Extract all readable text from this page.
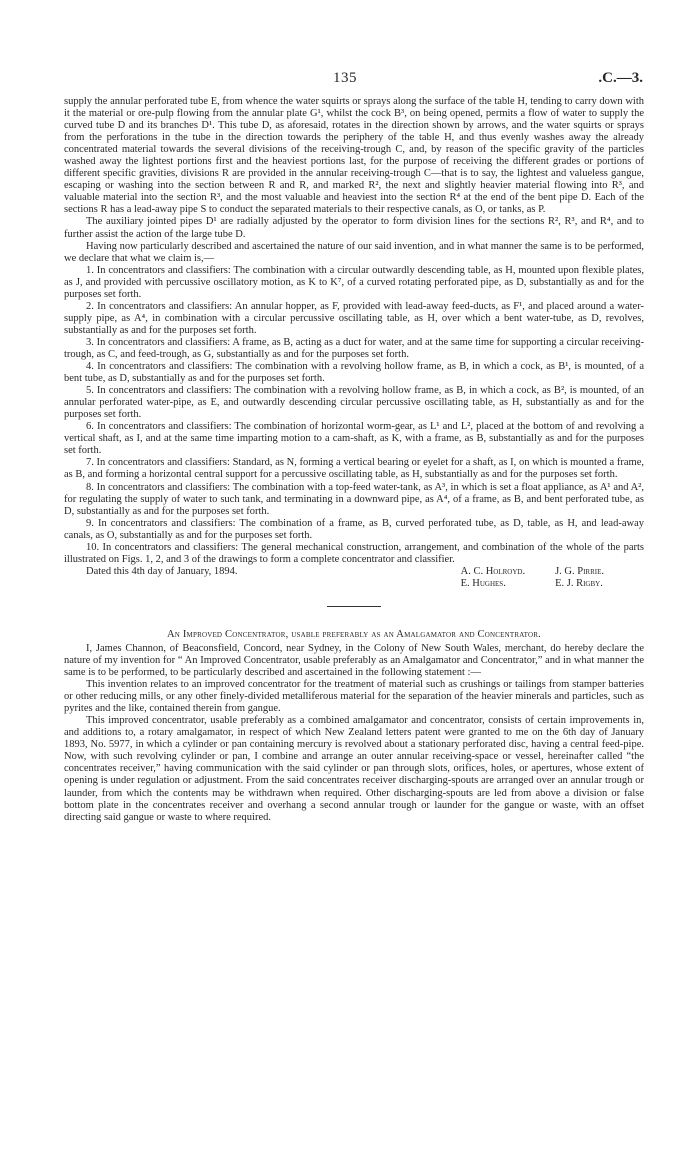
135	.C.—3.

supply the annular perforated tube E, from whence the water squirts or sprays along the surface of the table H, tending to carry down with it the material or ore-pulp flowing from the annular plate G¹, whilst the cock B³, on being opened, permits a flow of water to supply the curved tube D and its branches D¹. This tube D, as aforesaid, rotates in the direction shown by arrows, and the water squirts or sprays from the perforations in the tube in the direction towards the periphery of the table H, and thus evenly washes away the already concentrated material towards the several divisions of the receiving-trough C, and, by reason of the specific gravity of the particles washed away the lightest portions first and the heaviest portions last, for the purpose of receiving the different grades or portions of different specific gravities, divisions R are provided in the annular receiving-trough C—that is to say, the lightest and valueless gangue, escaping or washing into the section between R and R, and marked R², the next and slightly heavier material flowing into R³, and valuable material into the section R³, and the most valuable and heaviest into the section R⁴ at the end of the bent pipe D. Each of the sections R has a lead-away pipe S to conduct the separated materials to their respective canals, as O, or tanks, as P.

The auxiliary jointed pipes D¹ are radially adjusted by the operator to form division lines for the sections R², R³, and R⁴, and to further assist the action of the large tube D.

Having now particularly described and ascertained the nature of our said invention, and in what manner the same is to be performed, we declare that what we claim is,—

1. In concentrators and classifiers: The combination with a circular outwardly descending table, as H, mounted upon flexible plates, as J, and provided with percussive oscillatory motion, as K to K⁷, of a curved rotating perforated pipe, as D, substantially as and for the purposes set forth.

2. In concentrators and classifiers: An annular hopper, as F, provided with lead-away feed-ducts, as F¹, and placed around a water-supply pipe, as A⁴, in combination with a circular percussive oscillating table, as H, over which a bent water-tube, as D, revolves, substantially as and for the purposes set forth.

3. In concentrators and classifiers: A frame, as B, acting as a duct for water, and at the same time for supporting a circular receiving-trough, as C, and feed-trough, as G, substantially as and for the purposes set forth.

4. In concentrators and classifiers: The combination with a revolving hollow frame, as B, in which a cock, as B¹, is mounted, of a bent tube, as D, substantially as and for the purposes set forth.

5. In concentrators and classifiers: The combination with a revolving hollow frame, as B, in which a cock, as B², is mounted, of an annular perforated water-pipe, as E, and outwardly descending circular percussive oscillating table, as H, substantially as and for the purposes set forth.

6. In concentrators and classifiers: The combination of horizontal worm-gear, as L¹ and L², placed at the bottom of and revolving a vertical shaft, as I, and at the same time imparting motion to a cam-shaft, as K, with a frame, as B, substantially as and for the purposes set forth.

7. In concentrators and classifiers: Standard, as N, forming a vertical bearing or eyelet for a shaft, as I, on which is mounted a frame, as B, and forming a horizontal central support for a percussive oscillating table, as H, substantially as and for the purposes set forth.

8. In concentrators and classifiers: The combination with a top-feed water-tank, as A³, in which is set a float appliance, as A¹ and A², for regulating the supply of water to such tank, and terminating in a downward pipe, as A⁴, of a frame, as B, and bent perforated tube, as D, substantially as and for the purposes set forth.

9. In concentrators and classifiers: The combination of a frame, as B, curved perforated tube, as D, table, as H, and lead-away canals, as O, substantially as and for the purposes set forth.

10. In concentrators and classifiers: The general mechanical construction, arrangement, and combination of the whole of the parts illustrated on Figs. 1, 2, and 3 of the drawings to form a complete concentrator and classifier.

Dated this 4th day of January, 1894.	A. C. Holroyd.
E. Hughes.
J. G. Pirrie.
E. J. Rigby.
An Improved Concentrator, usable preferably as an Amalgamator and Concentrator.

I, James Channon, of Beaconsfield, Concord, near Sydney, in the Colony of New South Wales, merchant, do hereby declare the nature of my invention for “ An Improved Concentrator, usable preferably as an Amalgamator and Concentrator,” and in what manner the same is to be performed, to be particularly described and ascertained in the following statement :—

This invention relates to an improved concentrator for the treatment of material such as crushings or tailings from stamper batteries or other reducing mills, or any other finely-divided metalliferous material for the separation of the heavier minerals and particles, such as pyrites and the like, contained therein from gangue.

This improved concentrator, usable preferably as a combined amalgamator and concentrator, consists of certain improvements in, and additions to, a rotary amalgamator, in respect of which New Zealand letters patent were granted to me on the 6th day of January 1893, No. 5977, in which a cylinder or pan containing mercury is revolved about a stationary perforated disc, having a central feed-pipe. Now, with such revolving cylinder or pan, I combine and arrange an outer annular receiving-space or vessel, hereinafter called “the concentrates receiver,” having communication with the said cylinder or pan through slots, orifices, holes, or apertures, whose extent of opening is under regulation or adjustment. From the said concentrates receiver discharging-spouts are arranged over an annular trough or launder, from which the contents may be withdrawn when required. Other discharging-spouts are led from above a division or false bottom plate in the concentrates receiver and overhang a second annular trough or launder for the gangue or waste, with an offset directing said gangue or waste to where required.
